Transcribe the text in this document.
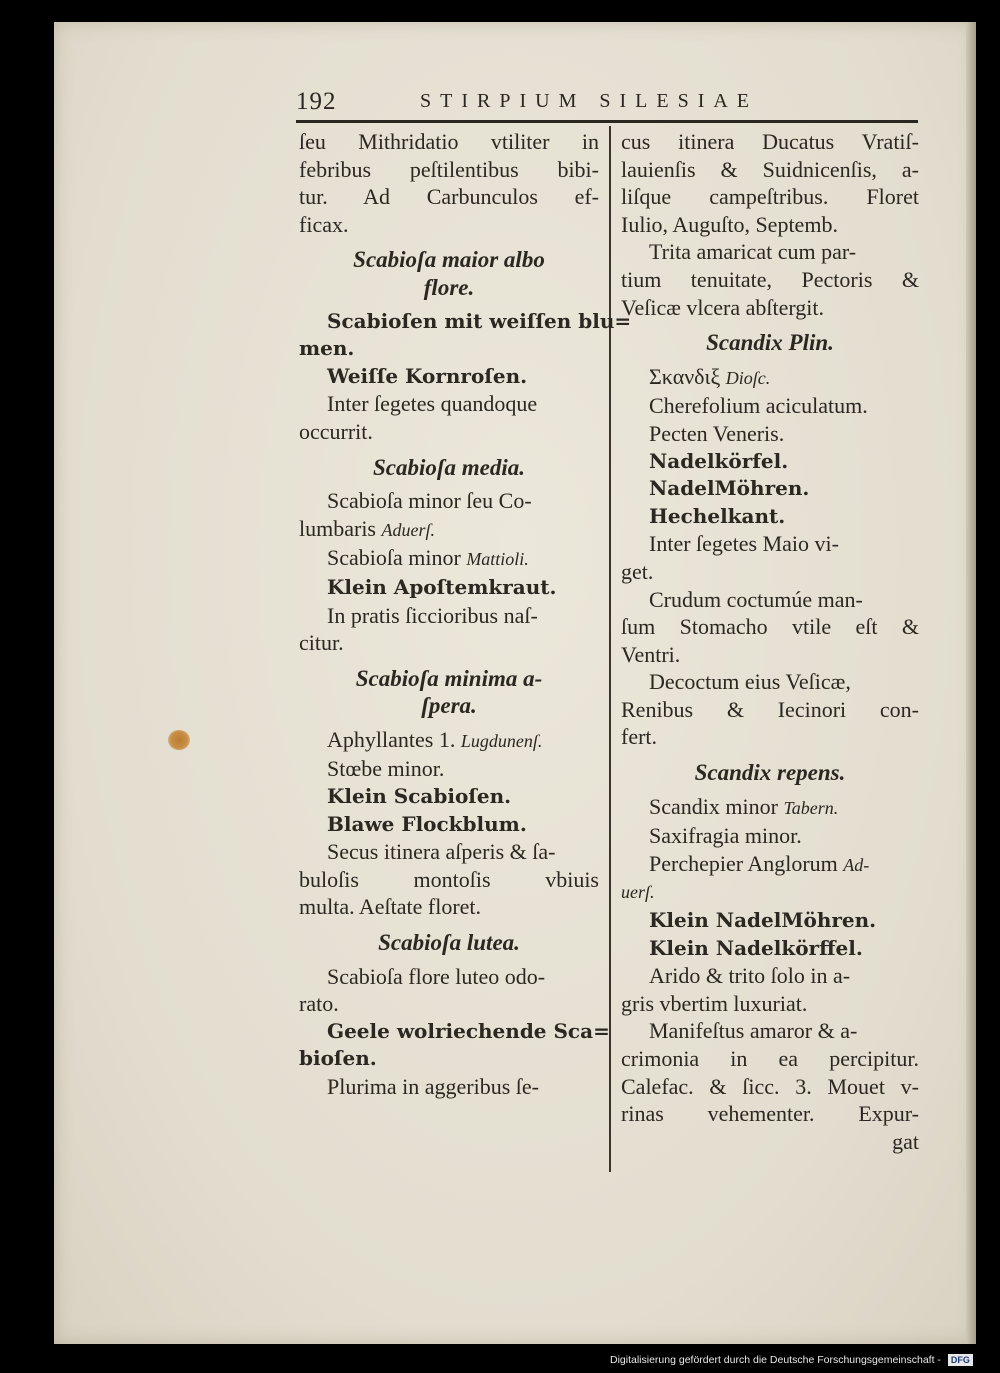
192	STIRPIUM SILESIAE
ſeu Mithridatio vtiliter in
febribus peſtilentibus bibi-
tur. Ad Carbunculos ef-
ficax.
Scabioſa maior albo
flore.
Scabioſen mit weiſſen blu=
men.
Weiſſe Kornroſen.
Inter ſegetes quandoque
occurrit.
Scabioſa media.
Scabioſa minor ſeu Co-
lumbaris Aduerſ.
Scabioſa minor Mattioli.
Klein Apoſtemkraut.
In pratis ſiccioribus naſ-
citur.
Scabioſa minima a-
ſpera.
Aphyllantes 1. Lugdunenſ.
Stœbe minor.
Klein Scabioſen.
Blawe Flockblum.
Secus itinera aſperis & ſa-
buloſis montoſis vbiuis
multa. Aeſtate floret.
Scabioſa lutea.
Scabioſa flore luteo odo-
rato.
Geele wolriechende Sca=
bioſen.
Plurima in aggeribus ſe-
cus itinera Ducatus Vratiſ-
lauienſis & Suidnicenſis, a-
liſque campeſtribus. Floret
Iulio, Auguſto, Septemb.
Trita amaricat cum par-
tium tenuitate, Pectoris &
Veſicæ vlcera abſtergit.
Scandix Plin.
Σκανδιξ Dioſc.
Cherefolium aciculatum.
Pecten Veneris.
Nadelkörfel.
NadelMöhren.
Hechelkant.
Inter ſegetes Maio vi-
get.
Crudum coctumúe man-
ſum Stomacho vtile eſt &
Ventri.
Decoctum eius Veſicæ,
Renibus & Iecinori con-
fert.
Scandix repens.
Scandix minor Tabern.
Saxifragia minor.
Perchepier Anglorum Ad-
uerſ.
Klein NadelMöhren.
Klein Nadelkörffel.
Arido & trito ſolo in a-
gris vbertim luxuriat.
Manifeſtus amaror & a-
crimonia in ea percipitur.
Calefac. & ſicc. 3. Mouet v-
rinas vehementer. Expur-
gat
Digitalisierung gefördert durch die Deutsche Forschungsgemeinschaft - DFG
